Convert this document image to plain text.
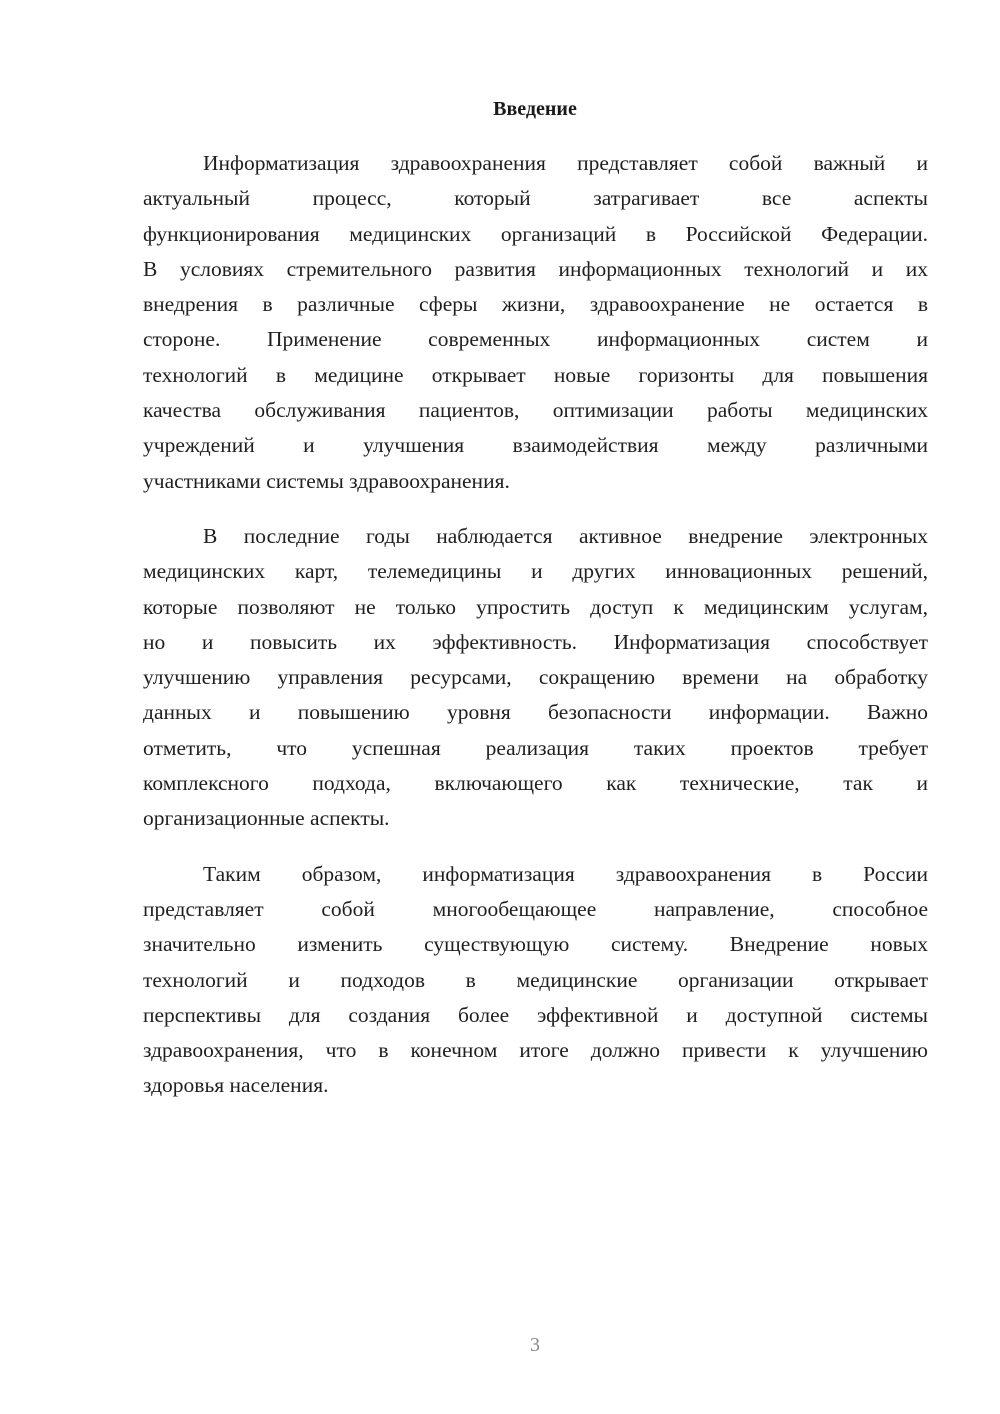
Введение
Информатизация здравоохранения представляет собой важный и
актуальный процесс, который затрагивает все аспекты
функционирования медицинских организаций в Российской Федерации.
В условиях стремительного развития информационных технологий и их
внедрения в различные сферы жизни, здравоохранение не остается в
стороне. Применение современных информационных систем и
технологий в медицине открывает новые горизонты для повышения
качества обслуживания пациентов, оптимизации работы медицинских
учреждений и улучшения взаимодействия между различными
участниками системы здравоохранения.
В последние годы наблюдается активное внедрение электронных
медицинских карт, телемедицины и других инновационных решений,
которые позволяют не только упростить доступ к медицинским услугам,
но и повысить их эффективность. Информатизация способствует
улучшению управления ресурсами, сокращению времени на обработку
данных и повышению уровня безопасности информации. Важно
отметить, что успешная реализация таких проектов требует
комплексного подхода, включающего как технические, так и
организационные аспекты.
Таким образом, информатизация здравоохранения в России
представляет собой многообещающее направление, способное
значительно изменить существующую систему. Внедрение новых
технологий и подходов в медицинские организации открывает
перспективы для создания более эффективной и доступной системы
здравоохранения, что в конечном итоге должно привести к улучшению
здоровья населения.
3
